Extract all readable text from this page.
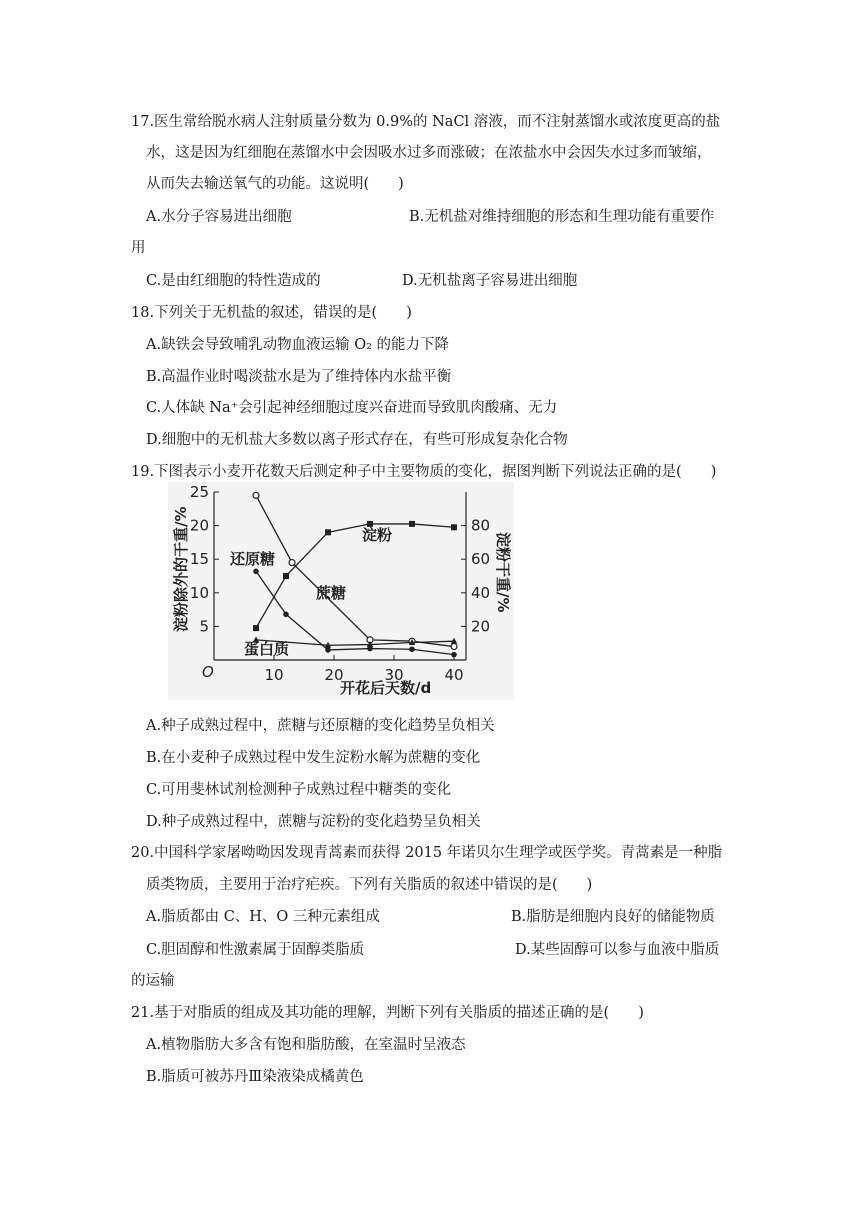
17.医生常给脱水病人注射质量分数为 0.9%的 NaCl 溶液，而不注射蒸馏水或浓度更高的盐
水，这是因为红细胞在蒸馏水中会因吸水过多而涨破；在浓盐水中会因失水过多而皱缩，
从而失去输送氧气的功能。这说明(　　)
A.水分子容易进出细胞	B.无机盐对维持细胞的形态和生理功能有重要作
用
C.是由红细胞的特性造成的	D.无机盐离子容易进出细胞
18.下列关于无机盐的叙述，错误的是(　　)
A.缺铁会导致哺乳动物血液运输 O₂ 的能力下降
B.高温作业时喝淡盐水是为了维持体内水盐平衡
C.人体缺 Na⁺会引起神经细胞过度兴奋进而导致肌肉酸痛、无力
D.细胞中的无机盐大多数以离子形式存在，有些可形成复杂化合物
19.下图表示小麦开花数天后测定种子中主要物质的变化，据图判断下列说法正确的是(　　)
5
10
15
20
25
20
40
60
80
10	20	30	40
O
开花后天数/d
淀粉除外的干重/%	淀粉干重/%
淀粉
还原糖
蔗糖
蛋白质
A.种子成熟过程中，蔗糖与还原糖的变化趋势呈负相关
B.在小麦种子成熟过程中发生淀粉水解为蔗糖的变化
C.可用斐林试剂检测种子成熟过程中糖类的变化
D.种子成熟过程中，蔗糖与淀粉的变化趋势呈负相关
20.中国科学家屠呦呦因发现青蒿素而获得 2015 年诺贝尔生理学或医学奖。青蒿素是一种脂
质类物质，主要用于治疗疟疾。下列有关脂质的叙述中错误的是(　　)
A.脂质都由 C、H、O 三种元素组成	B.脂肪是细胞内良好的储能物质
C.胆固醇和性激素属于固醇类脂质	D.某些固醇可以参与血液中脂质
的运输
21.基于对脂质的组成及其功能的理解，判断下列有关脂质的描述正确的是(　　)
A.植物脂肪大多含有饱和脂肪酸，在室温时呈液态
B.脂质可被苏丹Ⅲ染液染成橘黄色
